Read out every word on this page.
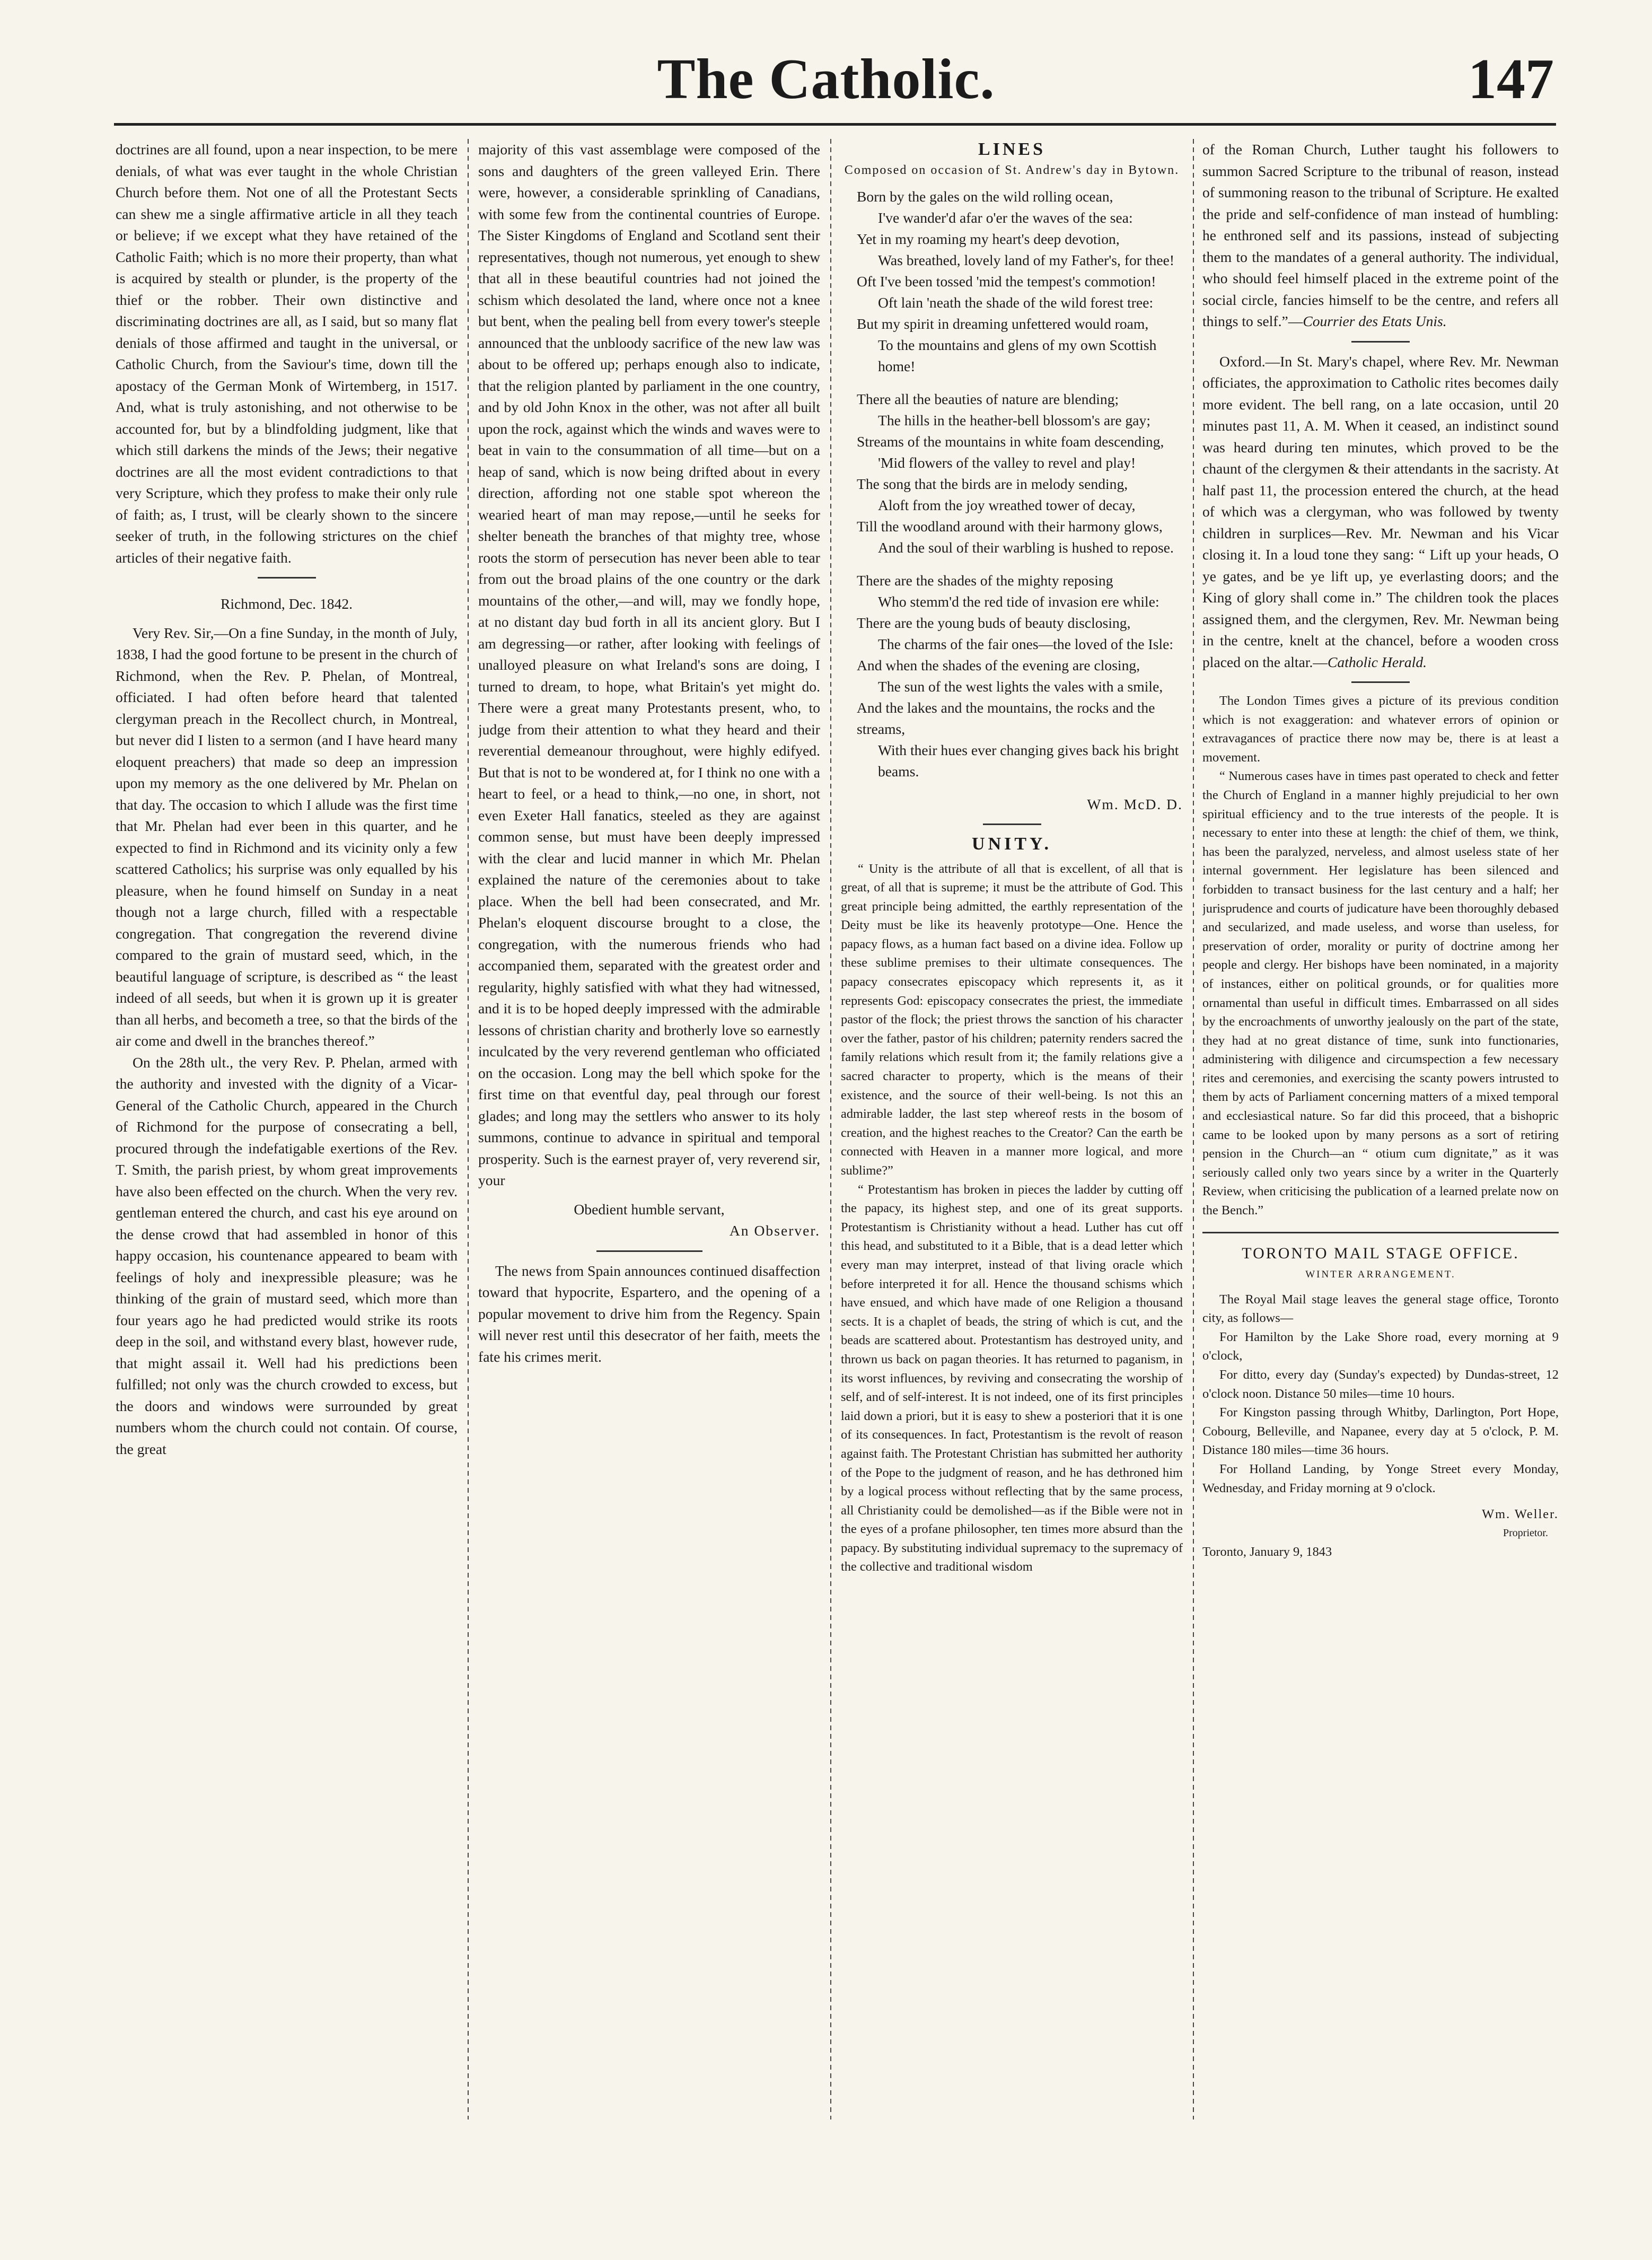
The Catholic.	147

doctrines are all found, upon a near inspection, to be mere denials, of what was ever taught in the whole Christian Church before them. Not one of all the Protestant Sects can shew me a single affirmative article in all they teach or believe; if we except what they have retained of the Catholic Faith; which is no more their property, than what is acquired by stealth or plunder, is the property of the thief or the robber. Their own distinctive and discriminating doctrines are all, as I said, but so many flat denials of those affirmed and taught in the universal, or Catholic Church, from the Saviour's time, down till the apostacy of the German Monk of Wirtemberg, in 1517. And, what is truly astonishing, and not otherwise to be accounted for, but by a blindfolding judgment, like that which still darkens the minds of the Jews; their negative doctrines are all the most evident contradictions to that very Scripture, which they profess to make their only rule of faith; as, I trust, will be clearly shown to the sincere seeker of truth, in the following strictures on the chief articles of their negative faith.

Richmond, Dec. 1842.

Very Rev. Sir,—On a fine Sunday, in the month of July, 1838, I had the good fortune to be present in the church of Richmond, when the Rev. P. Phelan, of Montreal, officiated. I had often before heard that talented clergyman preach in the Recollect church, in Montreal, but never did I listen to a sermon (and I have heard many eloquent preachers) that made so deep an impression upon my memory as the one delivered by Mr. Phelan on that day. The occasion to which I allude was the first time that Mr. Phelan had ever been in this quarter, and he expected to find in Richmond and its vicinity only a few scattered Catholics; his surprise was only equalled by his pleasure, when he found himself on Sunday in a neat though not a large church, filled with a respectable congregation. That congregation the reverend divine compared to the grain of mustard seed, which, in the beautiful language of scripture, is described as “ the least indeed of all seeds, but when it is grown up it is greater than all herbs, and becometh a tree, so that the birds of the air come and dwell in the branches thereof.”

On the 28th ult., the very Rev. P. Phelan, armed with the authority and invested with the dignity of a Vicar-General of the Catholic Church, appeared in the Church of Richmond for the purpose of consecrating a bell, procured through the indefatigable exertions of the Rev. T. Smith, the parish priest, by whom great improvements have also been effected on the church. When the very rev. gentleman entered the church, and cast his eye around on the dense crowd that had assembled in honor of this happy occasion, his countenance appeared to beam with feelings of holy and inexpressible pleasure; was he thinking of the grain of mustard seed, which more than four years ago he had predicted would strike its roots deep in the soil, and withstand every blast, however rude, that might assail it. Well had his predictions been fulfilled; not only was the church crowded to excess, but the doors and windows were surrounded by great numbers whom the church could not contain. Of course, the great

majority of this vast assemblage were composed of the sons and daughters of the green valleyed Erin. There were, however, a considerable sprinkling of Canadians, with some few from the continental countries of Europe. The Sister Kingdoms of England and Scotland sent their representatives, though not numerous, yet enough to shew that all in these beautiful countries had not joined the schism which desolated the land, where once not a knee but bent, when the pealing bell from every tower's steeple announced that the unbloody sacrifice of the new law was about to be offered up; perhaps enough also to indicate, that the religion planted by parliament in the one country, and by old John Knox in the other, was not after all built upon the rock, against which the winds and waves were to beat in vain to the consummation of all time—but on a heap of sand, which is now being drifted about in every direction, affording not one stable spot whereon the wearied heart of man may repose,—until he seeks for shelter beneath the branches of that mighty tree, whose roots the storm of persecution has never been able to tear from out the broad plains of the one country or the dark mountains of the other,—and will, may we fondly hope, at no distant day bud forth in all its ancient glory. But I am degressing—or rather, after looking with feelings of unalloyed pleasure on what Ireland's sons are doing, I turned to dream, to hope, what Britain's yet might do. There were a great many Protestants present, who, to judge from their attention to what they heard and their reverential demeanour throughout, were highly edifyed. But that is not to be wondered at, for I think no one with a heart to feel, or a head to think,—no one, in short, not even Exeter Hall fanatics, steeled as they are against common sense, but must have been deeply impressed with the clear and lucid manner in which Mr. Phelan explained the nature of the ceremonies about to take place. When the bell had been consecrated, and Mr. Phelan's eloquent discourse brought to a close, the congregation, with the numerous friends who had accompanied them, separated with the greatest order and regularity, highly satisfied with what they had witnessed, and it is to be hoped deeply impressed with the admirable lessons of christian charity and brotherly love so earnestly inculcated by the very reverend gentleman who officiated on the occasion. Long may the bell which spoke for the first time on that eventful day, peal through our forest glades; and long may the settlers who answer to its holy summons, continue to advance in spiritual and temporal prosperity. Such is the earnest prayer of, very reverend sir, your

Obedient humble servant,

An Observer.

The news from Spain announces continued disaffection toward that hypocrite, Espartero, and the opening of a popular movement to drive him from the Regency. Spain will never rest until this desecrator of her faith, meets the fate his crimes merit.

LINES
Composed on occasion of St. Andrew's day in Bytown.
Born by the gales on the wild rolling ocean,
I've wander'd afar o'er the waves of the sea:
Yet in my roaming my heart's deep devotion,
Was breathed, lovely land of my Father's, for thee!
Oft I've been tossed 'mid the tempest's commotion!
Oft lain 'neath the shade of the wild forest tree:
But my spirit in dreaming unfettered would roam,
To the mountains and glens of my own Scottish home!
There all the beauties of nature are blending;
The hills in the heather-bell blossom's are gay;
Streams of the mountains in white foam descending,
'Mid flowers of the valley to revel and play!
The song that the birds are in melody sending,
Aloft from the joy wreathed tower of decay,
Till the woodland around with their harmony glows,
And the soul of their warbling is hushed to repose.
There are the shades of the mighty reposing
Who stemm'd the red tide of invasion ere while:
There are the young buds of beauty disclosing,
The charms of the fair ones—the loved of the Isle:
And when the shades of the evening are closing,
The sun of the west lights the vales with a smile,
And the lakes and the mountains, the rocks and the streams,
With their hues ever changing gives back his bright beams.

Wm. McD. D.

UNITY.

“ Unity is the attribute of all that is excellent, of all that is great, of all that is supreme; it must be the attribute of God. This great principle being admitted, the earthly representation of the Deity must be like its heavenly prototype—One. Hence the papacy flows, as a human fact based on a divine idea. Follow up these sublime premises to their ultimate consequences. The papacy consecrates episcopacy which represents it, as it represents God: episcopacy consecrates the priest, the immediate pastor of the flock; the priest throws the sanction of his character over the father, pastor of his children; paternity renders sacred the family relations which result from it; the family relations give a sacred character to property, which is the means of their existence, and the source of their well-being. Is not this an admirable ladder, the last step whereof rests in the bosom of creation, and the highest reaches to the Creator? Can the earth be connected with Heaven in a manner more logical, and more sublime?”

“ Protestantism has broken in pieces the ladder by cutting off the papacy, its highest step, and one of its great supports. Protestantism is Christianity without a head. Luther has cut off this head, and substituted to it a Bible, that is a dead letter which every man may interpret, instead of that living oracle which before interpreted it for all. Hence the thousand schisms which have ensued, and which have made of one Religion a thousand sects. It is a chaplet of beads, the string of which is cut, and the beads are scattered about. Protestantism has destroyed unity, and thrown us back on pagan theories. It has returned to paganism, in its worst influences, by reviving and consecrating the worship of self, and of self-interest. It is not indeed, one of its first principles laid down a priori, but it is easy to shew a posteriori that it is one of its consequences. In fact, Protestantism is the revolt of reason against faith. The Protestant Christian has submitted her authority of the Pope to the judgment of reason, and he has dethroned him by a logical process without reflecting that by the same process, all Christianity could be demolished—as if the Bible were not in the eyes of a profane philosopher, ten times more absurd than the papacy. By substituting individual supremacy to the supremacy of the collective and traditional wisdom

of the Roman Church, Luther taught his followers to summon Sacred Scripture to the tribunal of reason, instead of summoning reason to the tribunal of Scripture. He exalted the pride and self-confidence of man instead of humbling: he enthroned self and its passions, instead of subjecting them to the mandates of a general authority. The individual, who should feel himself placed in the extreme point of the social circle, fancies himself to be the centre, and refers all things to self.”—Courrier des Etats Unis.

Oxford.—In St. Mary's chapel, where Rev. Mr. Newman officiates, the approximation to Catholic rites becomes daily more evident. The bell rang, on a late occasion, until 20 minutes past 11, A. M. When it ceased, an indistinct sound was heard during ten minutes, which proved to be the chaunt of the clergymen & their attendants in the sacristy. At half past 11, the procession entered the church, at the head of which was a clergyman, who was followed by twenty children in surplices—Rev. Mr. Newman and his Vicar closing it. In a loud tone they sang: “ Lift up your heads, O ye gates, and be ye lift up, ye everlasting doors; and the King of glory shall come in.” The children took the places assigned them, and the clergymen, Rev. Mr. Newman being in the centre, knelt at the chancel, before a wooden cross placed on the altar.—Catholic Herald.

The London Times gives a picture of its previous condition which is not exaggeration: and whatever errors of opinion or extravagances of practice there now may be, there is at least a movement.

“ Numerous cases have in times past operated to check and fetter the Church of England in a manner highly prejudicial to her own spiritual efficiency and to the true interests of the people. It is necessary to enter into these at length: the chief of them, we think, has been the paralyzed, nerveless, and almost useless state of her internal government. Her legislature has been silenced and forbidden to transact business for the last century and a half; her jurisprudence and courts of judicature have been thoroughly debased and secularized, and made useless, and worse than useless, for preservation of order, morality or purity of doctrine among her people and clergy. Her bishops have been nominated, in a majority of instances, either on political grounds, or for qualities more ornamental than useful in difficult times. Embarrassed on all sides by the encroachments of unworthy jealously on the part of the state, they had at no great distance of time, sunk into functionaries, administering with diligence and circumspection a few necessary rites and ceremonies, and exercising the scanty powers intrusted to them by acts of Parliament concerning matters of a mixed temporal and ecclesiastical nature. So far did this proceed, that a bishopric came to be looked upon by many persons as a sort of retiring pension in the Church—an “ otium cum dignitate,” as it was seriously called only two years since by a writer in the Quarterly Review, when criticising the publication of a learned prelate now on the Bench.”

TORONTO MAIL STAGE OFFICE.
WINTER ARRANGEMENT.

The Royal Mail stage leaves the general stage office, Toronto city, as follows—

For Hamilton by the Lake Shore road, every morning at 9 o'clock,

For ditto, every day (Sunday's expected) by Dundas-street, 12 o'clock noon. Distance 50 miles—time 10 hours.

For Kingston passing through Whitby, Darlington, Port Hope, Cobourg, Belleville, and Napanee, every day at 5 o'clock, P. M. Distance 180 miles—time 36 hours.

For Holland Landing, by Yonge Street every Monday, Wednesday, and Friday morning at 9 o'clock.

Wm. Weller.

Proprietor.

Toronto, January 9, 1843
